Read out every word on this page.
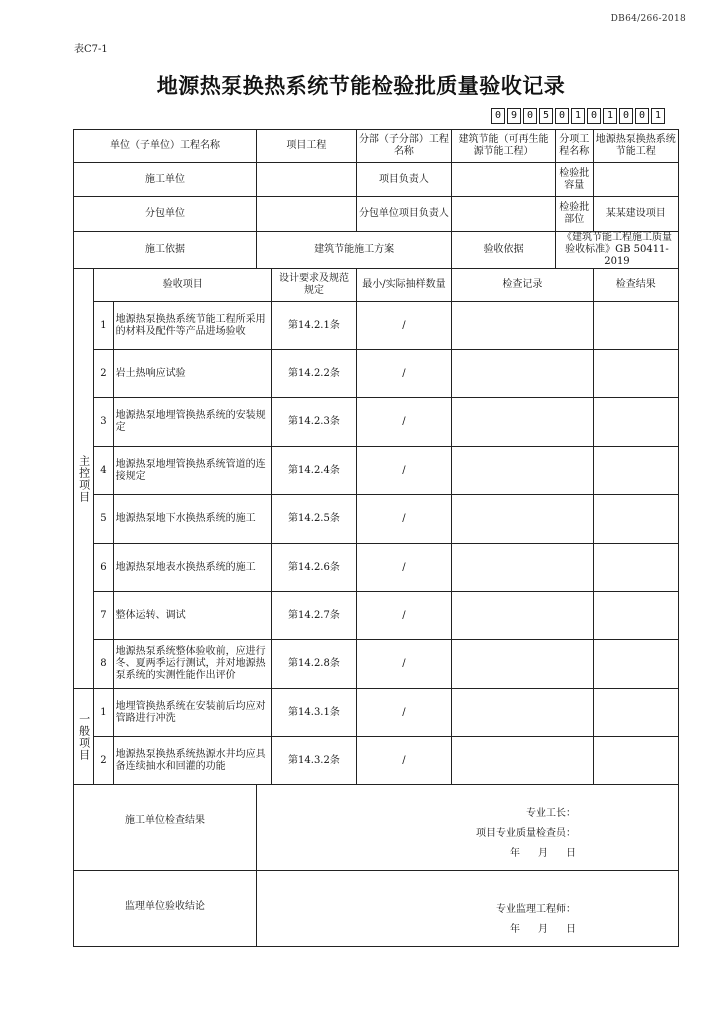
DB64/266-2018
表C7-1
地源热泵换热系统节能检验批质量验收记录
0 9 0 5 0 1 0 1 0 0 1
单位（子单位）工程名称			项目工程		分部（子分部）工程名称	建筑节能（可再生能源节能工程）	分项工程名称	地源热泵换热系统节能工程
施工单位					项目负责人		检验批容量	
分包单位					分包单位项目负责人		检验批部位	某某建设项目
施工依据			建筑节能施工方案			验收依据	《建筑节能工程施工质量验收标准》GB 50411-2019	
主控项目	验收项目			设计要求及规范规定	最小/实际抽样数量	检查记录		检查结果
	1	地源热泵换热系统节能工程所采用的材料及配件等产品进场验收		第14.2.1条	/			
	2	岩土热响应试验		第14.2.2条	/			
	3	地源热泵地埋管换热系统的安装规定		第14.2.3条	/			
	4	地源热泵地埋管换热系统管道的连接规定		第14.2.4条	/			
	5	地源热泵地下水换热系统的施工		第14.2.5条	/			
	6	地源热泵地表水换热系统的施工		第14.2.6条	/			
	7	整体运转、调试		第14.2.7条	/			
	8	地源热泵系统整体验收前，应进行冬、夏两季运行测试，并对地源热泵系统的实测性能作出评价		第14.2.8条	/			
一般项目	1	地埋管换热系统在安装前后均应对管路进行冲洗		第14.3.1条	/			
	2	地源热泵换热系统热源水井均应具备连续抽水和回灌的功能		第14.3.2条	/			
施工单位检查结果			专业工长：
项目专业质量检查员：
年 月 日					

监理单位验收结论			专业监理工程师：
年 月 日					
